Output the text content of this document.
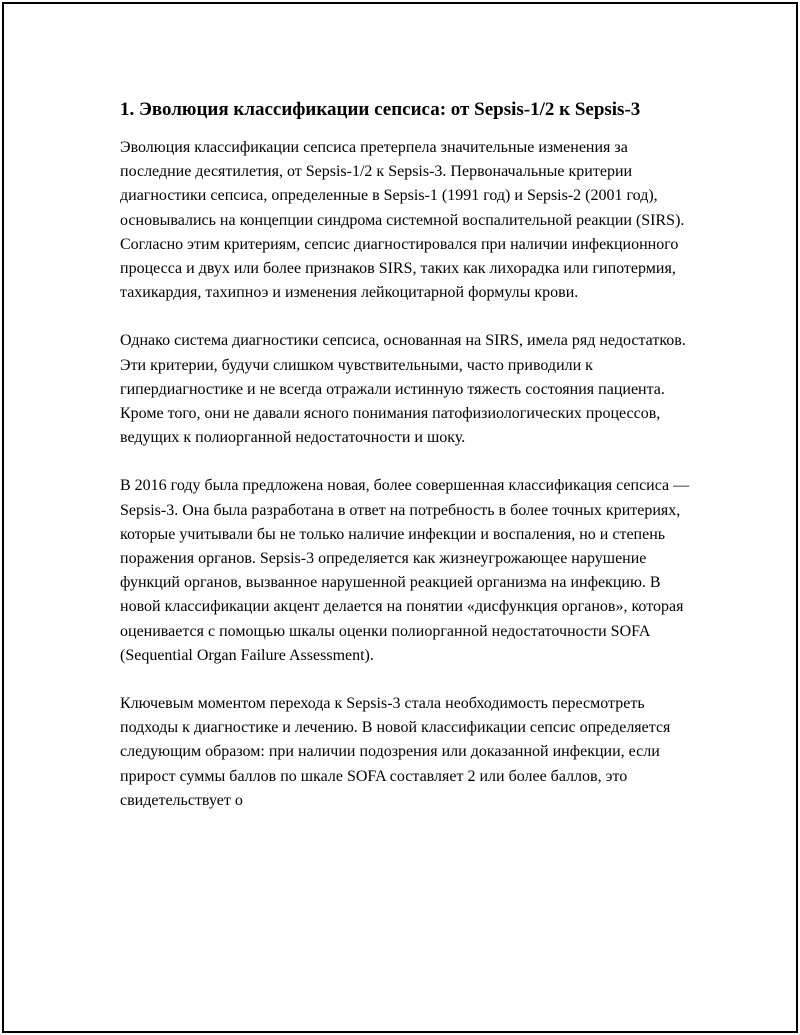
1. Эволюция классификации сепсиса: от Sepsis-1/2 к Sepsis-3

Эволюция классификации сепсиса претерпела значительные изменения за последние десятилетия, от Sepsis-1/2 к Sepsis-3. Первоначальные критерии диагностики сепсиса, определенные в Sepsis-1 (1991 год) и Sepsis-2 (2001 год), основывались на концепции синдрома системной воспалительной реакции (SIRS). Согласно этим критериям, сепсис диагностировался при наличии инфекционного процесса и двух или более признаков SIRS, таких как лихорадка или гипотермия, тахикардия, тахипноэ и изменения лейкоцитарной формулы крови.

Однако система диагностики сепсиса, основанная на SIRS, имела ряд недостатков. Эти критерии, будучи слишком чувствительными, часто приводили к гипердиагностике и не всегда отражали истинную тяжесть состояния пациента. Кроме того, они не давали ясного понимания патофизиологических процессов, ведущих к полиорганной недостаточности и шоку.

В 2016 году была предложена новая, более совершенная классификация сепсиса — Sepsis-3. Она была разработана в ответ на потребность в более точных критериях, которые учитывали бы не только наличие инфекции и воспаления, но и степень поражения органов. Sepsis-3 определяется как жизнеугрожающее нарушение функций органов, вызванное нарушенной реакцией организма на инфекцию. В новой классификации акцент делается на понятии «дисфункция органов», которая оценивается с помощью шкалы оценки полиорганной недостаточности SOFA (Sequential Organ Failure Assessment).

Ключевым моментом перехода к Sepsis-3 стала необходимость пересмотреть подходы к диагностике и лечению. В новой классификации сепсис определяется следующим образом: при наличии подозрения или доказанной инфекции, если прирост суммы баллов по шкале SOFA составляет 2 или более баллов, это свидетельствует о
